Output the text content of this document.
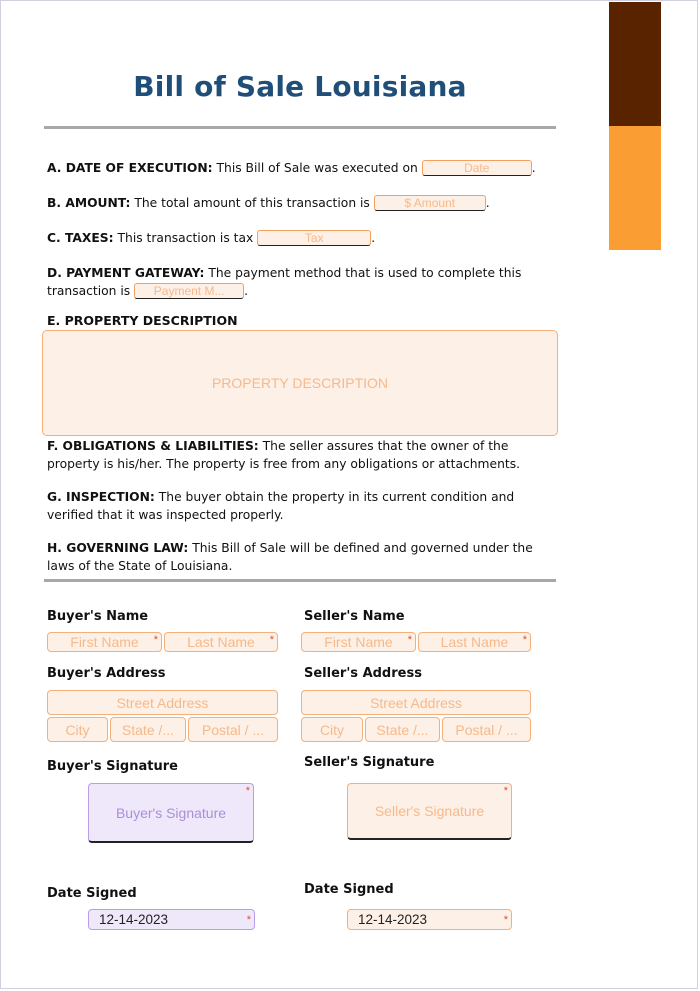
Bill of Sale Louisiana
A. DATE OF EXECUTION: This Bill of Sale was executed on	Date	.
B. AMOUNT: The total amount of this transaction is	$ Amount .
C. TAXES: This transaction is tax	Tax	.
D. PAYMENT GATEWAY: The payment method that is used to complete this transaction is Payment M... .
E. PROPERTY DESCRIPTION
PROPERTY DESCRIPTION
F. OBLIGATIONS & LIABILITIES: The seller assures that the owner of the property is his/her. The property is free from any obligations or attachments.
G. INSPECTION: The buyer obtain the property in its current condition and verified that it was inspected properly.
H. GOVERNING LAW: This Bill of Sale will be defined and governed under the laws of the State of Louisiana.
Buyer's Name
First Name * Last Name *
Buyer's Address
Street Address
City	State /...	Postal / ...
Buyer's Signature
Buyer's Signature
*
Date Signed
12-14-2023	*
Seller's Name
First Name * Last Name *
Seller's Address
Street Address
City	State /...	Postal / ...
Seller's Signature
Seller's Signature
*
Date Signed
12-14-2023	*
